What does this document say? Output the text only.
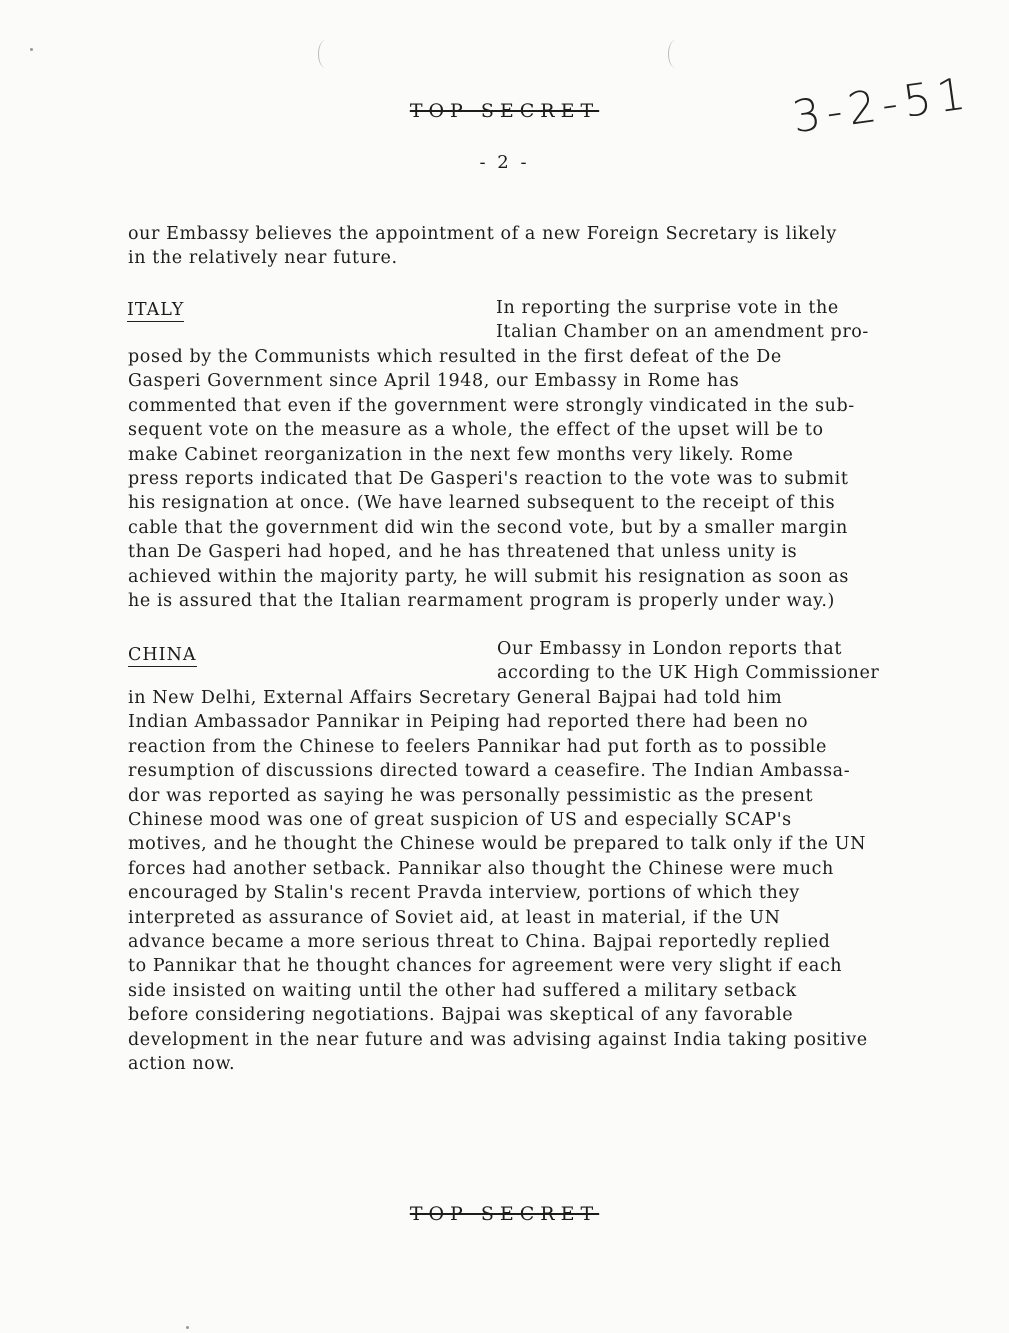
TOP SECRET	3-2-51
- 2 -
our Embassy believes the appointment of a new Foreign Secretary is likely
in the relatively near future.
ITALY	In reporting the surprise vote in the
Italian Chamber on an amendment pro-
posed by the Communists which resulted in the first defeat of the De
Gasperi Government since April 1948, our Embassy in Rome has
commented that even if the government were strongly vindicated in the sub-
sequent vote on the measure as a whole, the effect of the upset will be to
make Cabinet reorganization in the next few months very likely. Rome
press reports indicated that De Gasperi's reaction to the vote was to submit
his resignation at once. (We have learned subsequent to the receipt of this
cable that the government did win the second vote, but by a smaller margin
than De Gasperi had hoped, and he has threatened that unless unity is
achieved within the majority party, he will submit his resignation as soon as
he is assured that the Italian rearmament program is properly under way.)
CHINA	Our Embassy in London reports that
according to the UK High Commissioner
in New Delhi, External Affairs Secretary General Bajpai had told him
Indian Ambassador Pannikar in Peiping had reported there had been no
reaction from the Chinese to feelers Pannikar had put forth as to possible
resumption of discussions directed toward a ceasefire. The Indian Ambassa-
dor was reported as saying he was personally pessimistic as the present
Chinese mood was one of great suspicion of US and especially SCAP's
motives, and he thought the Chinese would be prepared to talk only if the UN
forces had another setback. Pannikar also thought the Chinese were much
encouraged by Stalin's recent Pravda interview, portions of which they
interpreted as assurance of Soviet aid, at least in material, if the UN
advance became a more serious threat to China. Bajpai reportedly replied
to Pannikar that he thought chances for agreement were very slight if each
side insisted on waiting until the other had suffered a military setback
before considering negotiations. Bajpai was skeptical of any favorable
development in the near future and was advising against India taking positive
action now.
TOP SECRET
